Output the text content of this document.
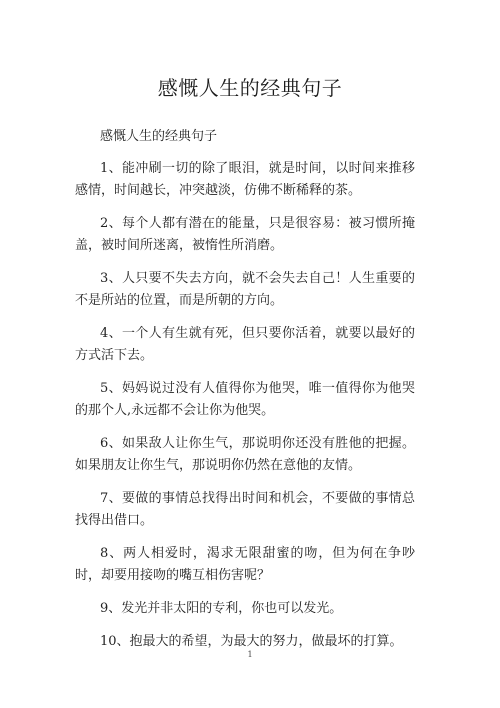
感慨人生的经典句子

感慨人生的经典句子

1、能冲刷一切的除了眼泪，就是时间，以时间来推移感情，时间越长，冲突越淡，仿佛不断稀释的茶。

2、每个人都有潜在的能量，只是很容易：被习惯所掩盖，被时间所迷离，被惰性所消磨。

3、人只要不失去方向，就不会失去自己！人生重要的不是所站的位置，而是所朝的方向。

4、一个人有生就有死，但只要你活着，就要以最好的方式活下去。

5、妈妈说过没有人值得你为他哭，唯一值得你为他哭的那个人,永远都不会让你为他哭。

6、如果敌人让你生气，那说明你还没有胜他的把握。如果朋友让你生气，那说明你仍然在意他的友情。

7、要做的事情总找得出时间和机会，不要做的事情总找得出借口。

8、两人相爱时，渴求无限甜蜜的吻，但为何在争吵时，却要用接吻的嘴互相伤害呢？

9、发光并非太阳的专利，你也可以发光。

10、抱最大的希望，为最大的努力，做最坏的打算。

1
